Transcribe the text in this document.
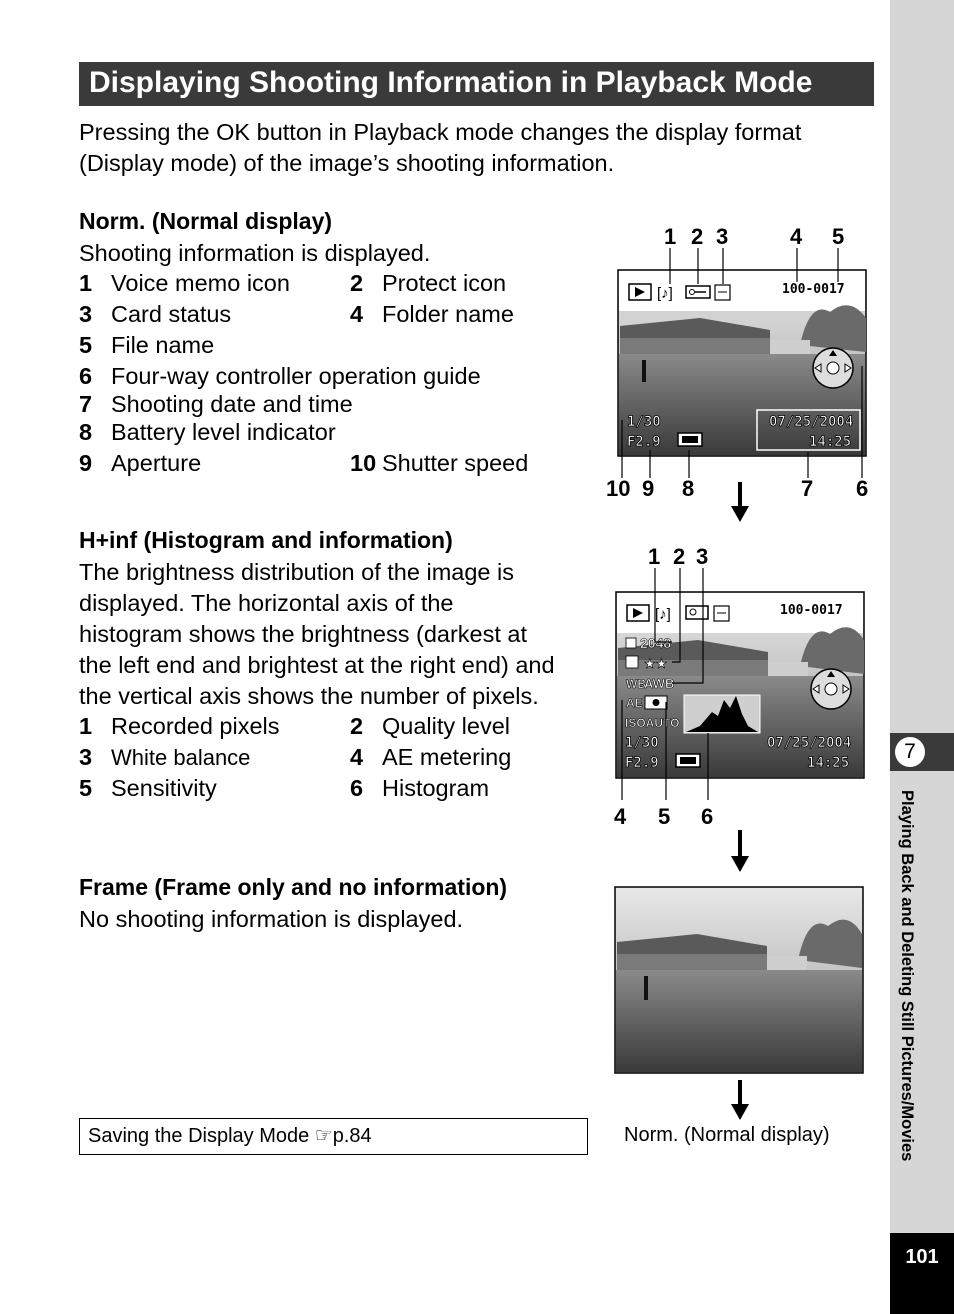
Displaying Shooting Information in Playback Mode
Pressing the OK button in Playback mode changes the display format
(Display mode) of the image’s shooting information.
Norm. (Normal display)
Shooting information is displayed.
1 Voice memo icon	2 Protect icon
3 Card status	4 Folder name
5 File name
6 Four-way controller operation guide
7 Shooting date and time
8 Battery level indicator
9 Aperture	10 Shutter speed
H+inf (Histogram and information)
The brightness distribution of the image is
displayed. The horizontal axis of the
histogram shows the brightness (darkest at
the left end and brightest at the right end) and
the vertical axis shows the number of pixels.
1 Recorded pixels	2 Quality level
3 White balance	4 AE metering
5 Sensitivity	6 Histogram
Frame (Frame only and no information)
No shooting information is displayed.
Saving the Display Mode ☞p.84	Norm. (Normal display)
[♪]	100-0017
1/30
F2.9
07/25/2004
14:25
1 2 3	4 5
10 9 8	7 6
[♪]	100-0017
2048
★★
WB
AWB
AE
ISOAUTO
1/30
F2.9
07/25/2004
14:25
1 2 3
4 5 6
7
Playing Back and Deleting Still Pictures/Movies
101
